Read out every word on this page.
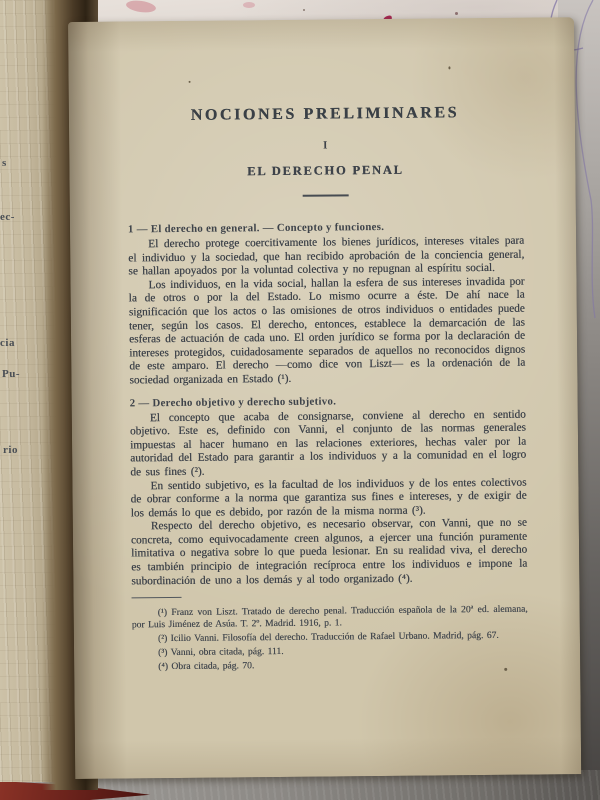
s
ec-
cia
Pu-
rio
NOCIONES PRELIMINARES
I
EL DERECHO PENAL
1 — El derecho en general. — Concepto y funciones.

El derecho protege coercitivamente los bienes jurídicos, intereses vitales para el individuo y la sociedad, que han recibido aprobación de la conciencia general, se hallan apoyados por la voluntad colectiva y no repugnan al espíritu social.

Los individuos, en la vida social, hallan la esfera de sus intereses invadida por la de otros o por la del Estado. Lo mismo ocurre a éste. De ahí nace la significación que los actos o las omisiones de otros individuos o entidades puede tener, según los casos. El derecho, entonces, establece la demarcación de las esferas de actuación de cada uno. El orden jurídico se forma por la declaración de intereses protegidos, cuidadosamente separados de aquellos no reconocidos dignos de este amparo. El derecho —como dice von Liszt— es la ordenación de la sociedad organizada en Estado (¹).

2 — Derecho objetivo y derecho subjetivo.

El concepto que acaba de consignarse, conviene al derecho en sentido objetivo. Este es, definido con Vanni, el conjunto de las normas generales impuestas al hacer humano en las relaciones exteriores, hechas valer por la autoridad del Estado para garantir a los individuos y a la comunidad en el logro de sus fines (²).

En sentido subjetivo, es la facultad de los individuos y de los entes colectivos de obrar conforme a la norma que garantiza sus fines e intereses, y de exigir de los demás lo que es debido, por razón de la misma norma (³).

Respecto del derecho objetivo, es necesario observar, con Vanni, que no se concreta, como equivocadamente creen algunos, a ejercer una función puramente limitativa o negativa sobre lo que pueda lesionar. En su realidad viva, el derecho es también principio de integración recíproca entre los individuos e impone la subordinación de uno a los demás y al todo organizado (⁴).

(¹) Franz von Liszt. Tratado de derecho penal. Traducción española de la 20ª ed. alemana, por Luis Jiménez de Asúa. T. 2º. Madrid. 1916, p. 1.

(²) Icilio Vanni. Filosofía del derecho. Traducción de Rafael Urbano. Madrid, pág. 67.

(³) Vanni, obra citada, pág. 111.

(⁴) Obra citada, pág. 70.
